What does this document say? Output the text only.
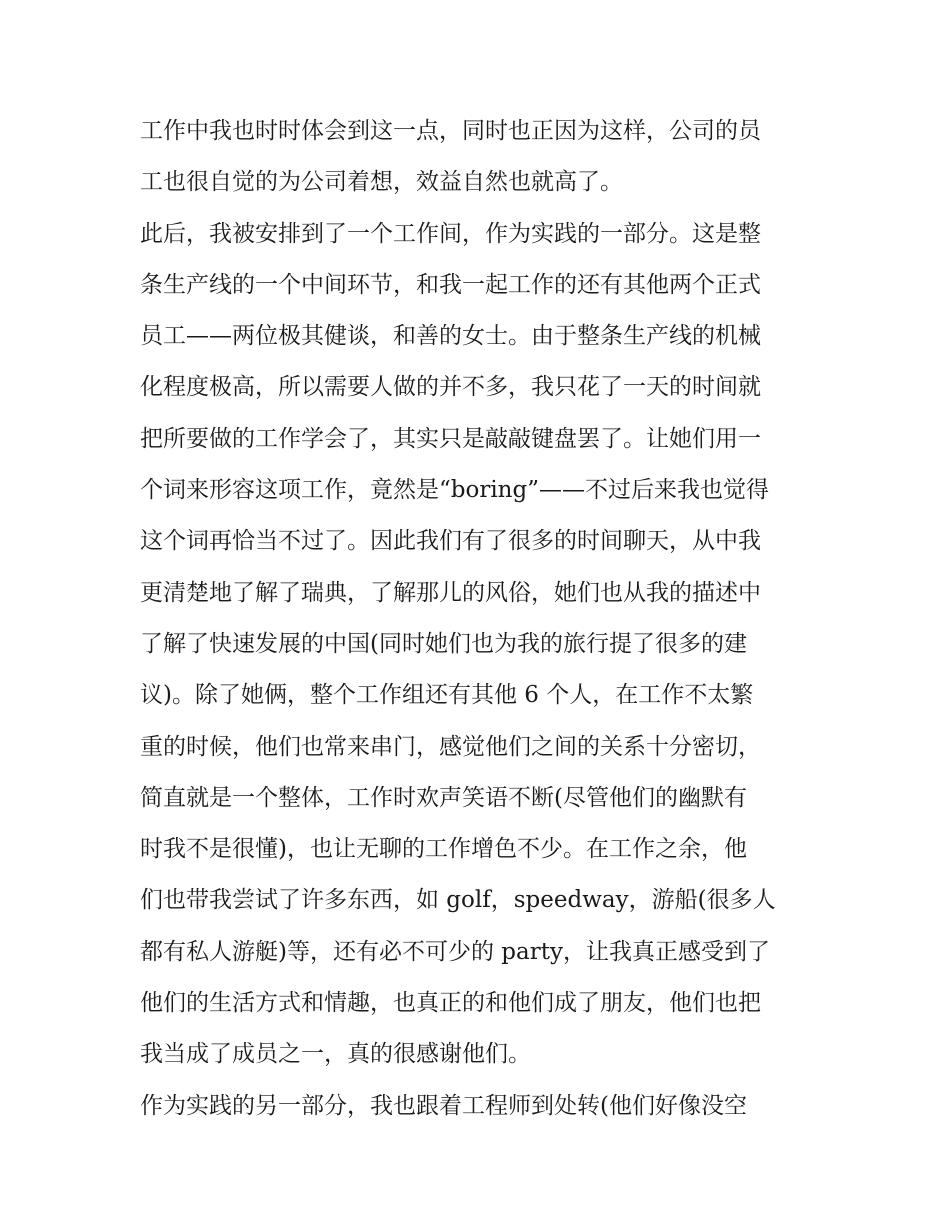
工作中我也时时体会到这一点，同时也正因为这样，公司的员
工也很自觉的为公司着想，效益自然也就高了。
此后，我被安排到了一个工作间，作为实践的一部分。这是整
条生产线的一个中间环节，和我一起工作的还有其他两个正式
员工——两位极其健谈，和善的女士。由于整条生产线的机械
化程度极高，所以需要人做的并不多，我只花了一天的时间就
把所要做的工作学会了，其实只是敲敲键盘罢了。让她们用一
个词来形容这项工作，竟然是“boring”——不过后来我也觉得
这个词再恰当不过了。因此我们有了很多的时间聊天，从中我
更清楚地了解了瑞典，了解那儿的风俗，她们也从我的描述中
了解了快速发展的中国(同时她们也为我的旅行提了很多的建
议)。除了她俩，整个工作组还有其他 6 个人，在工作不太繁
重的时候，他们也常来串门，感觉他们之间的关系十分密切，
简直就是一个整体，工作时欢声笑语不断(尽管他们的幽默有
时我不是很懂)，也让无聊的工作增色不少。在工作之余，他
们也带我尝试了许多东西，如 golf，speedway，游船(很多人
都有私人游艇)等，还有必不可少的 party，让我真正感受到了
他们的生活方式和情趣，也真正的和他们成了朋友，他们也把
我当成了成员之一，真的很感谢他们。
作为实践的另一部分，我也跟着工程师到处转(他们好像没空
